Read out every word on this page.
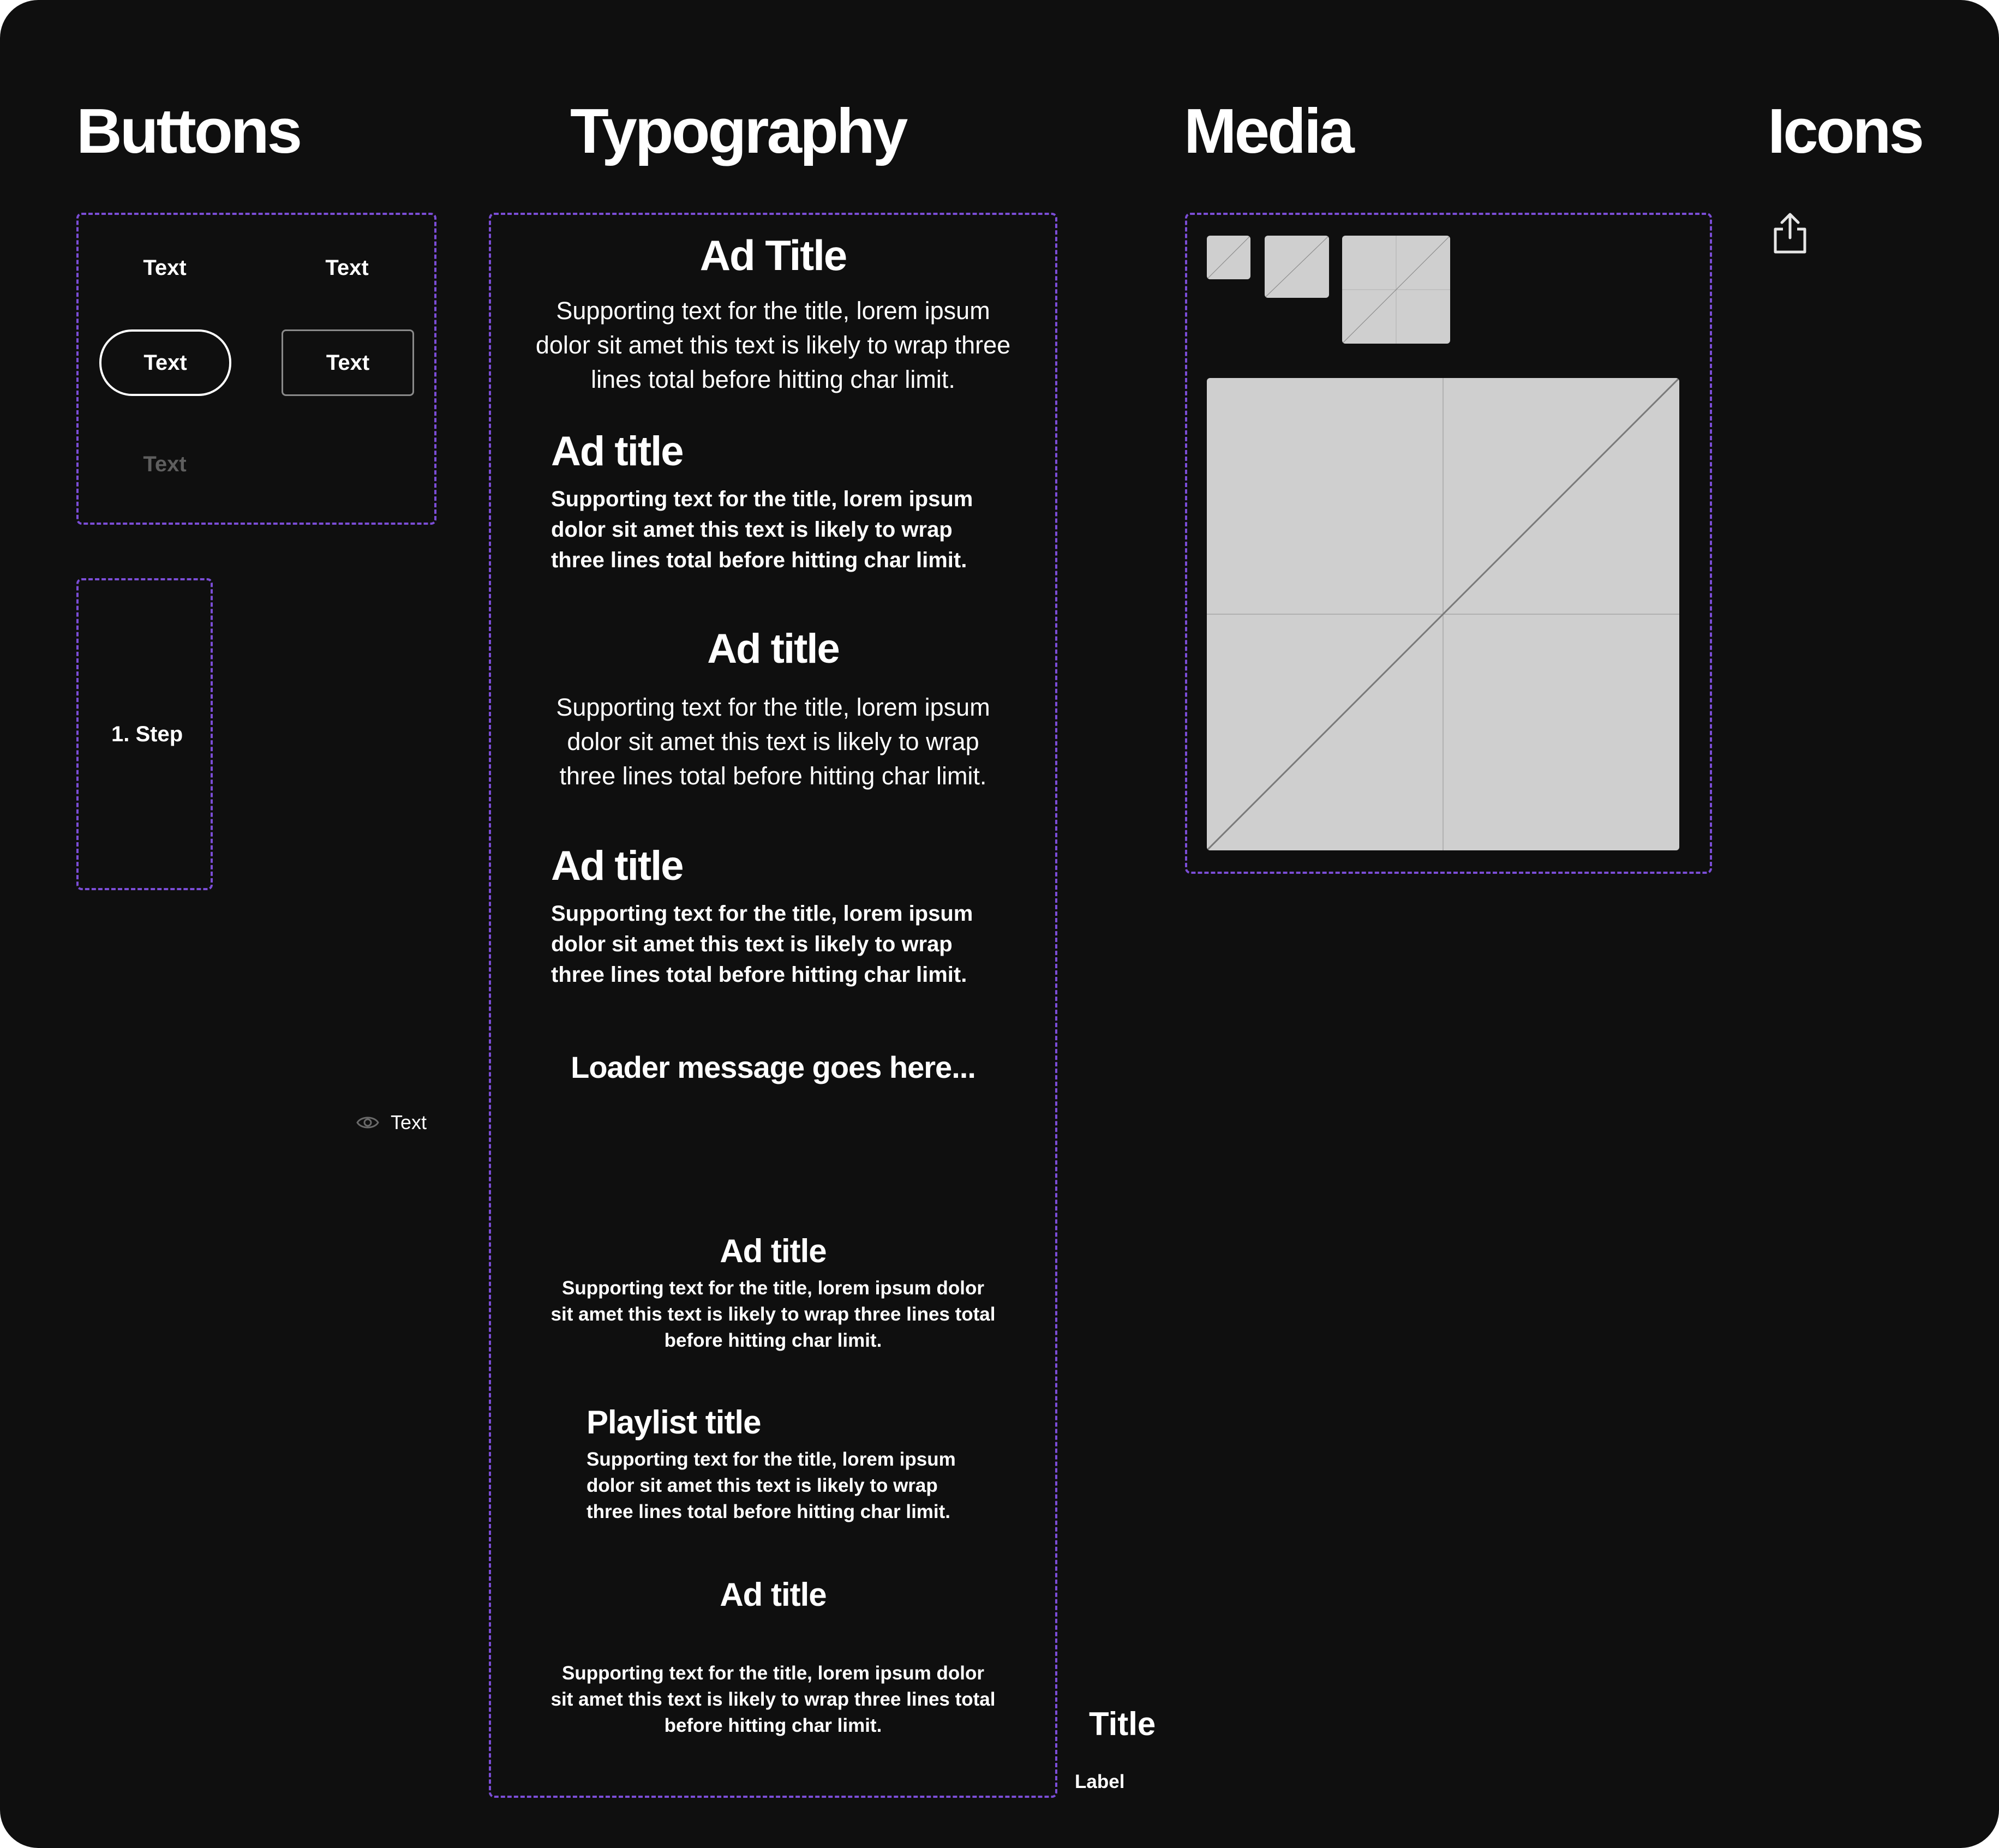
Buttons	Typography	Media	Icons
Text	Text
Text	Text
Text
1. Step
Text
Ad Title
Supporting text for the title, lorem ipsum
dolor sit amet this text is likely to wrap three
lines total before hitting char limit.
Ad title
Supporting text for the title, lorem ipsum
dolor sit amet this text is likely to wrap
three lines total before hitting char limit.
Ad title
Supporting text for the title, lorem ipsum
dolor sit amet this text is likely to wrap
three lines total before hitting char limit.
Ad title
Supporting text for the title, lorem ipsum
dolor sit amet this text is likely to wrap
three lines total before hitting char limit.
Loader message goes here...
Ad title
Supporting text for the title, lorem ipsum dolor
sit amet this text is likely to wrap three lines total
before hitting char limit.
Playlist title
Supporting text for the title, lorem ipsum
dolor sit amet this text is likely to wrap
three lines total before hitting char limit.
Ad title
Supporting text for the title, lorem ipsum dolor
sit amet this text is likely to wrap three lines total
before hitting char limit.	Title
Label
